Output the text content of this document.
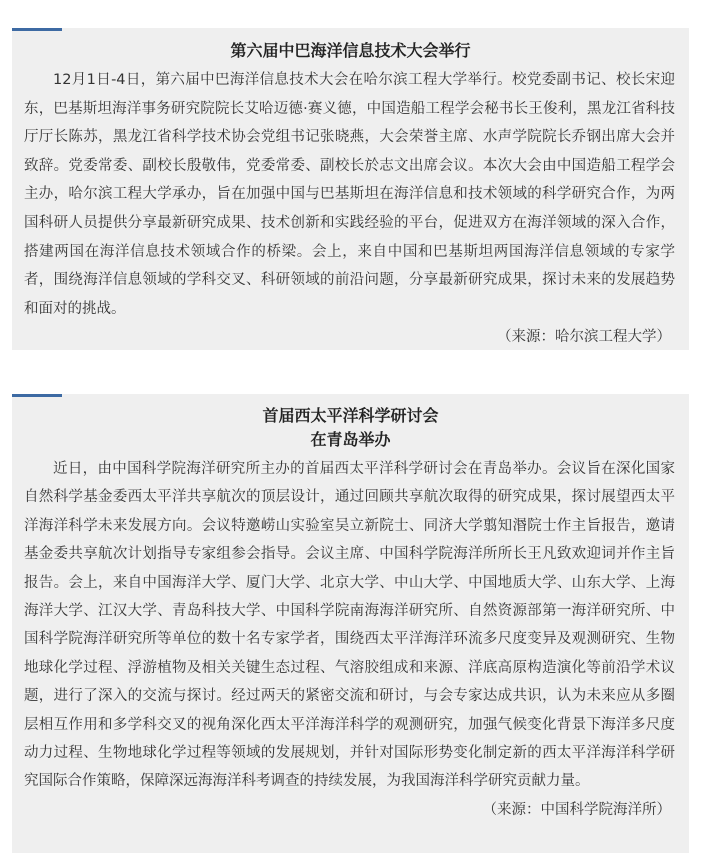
第六届中巴海洋信息技术大会举行

12月1日-4日，第六届中巴海洋信息技术大会在哈尔滨工程大学举行。校党委副书记、校长宋迎东，巴基斯坦海洋事务研究院院长艾哈迈德·赛义德，中国造船工程学会秘书长王俊利，黑龙江省科技厅厅长陈苏，黑龙江省科学技术协会党组书记张晓燕，大会荣誉主席、水声学院院长乔钢出席大会并致辞。党委常委、副校长殷敬伟，党委常委、副校长於志文出席会议。本次大会由中国造船工程学会主办，哈尔滨工程大学承办，旨在加强中国与巴基斯坦在海洋信息和技术领域的科学研究合作，为两国科研人员提供分享最新研究成果、技术创新和实践经验的平台，促进双方在海洋领域的深入合作，搭建两国在海洋信息技术领域合作的桥梁。会上，来自中国和巴基斯坦两国海洋信息领域的专家学者，围绕海洋信息领域的学科交叉、科研领域的前沿问题，分享最新研究成果，探讨未来的发展趋势和面对的挑战。

（来源：哈尔滨工程大学）

首届西太平洋科学研讨会
在青岛举办

近日，由中国科学院海洋研究所主办的首届西太平洋科学研讨会在青岛举办。会议旨在深化国家自然科学基金委西太平洋共享航次的顶层设计，通过回顾共享航次取得的研究成果，探讨展望西太平洋海洋科学未来发展方向。会议特邀崂山实验室吴立新院士、同济大学翦知湣院士作主旨报告，邀请基金委共享航次计划指导专家组参会指导。会议主席、中国科学院海洋所所长王凡致欢迎词并作主旨报告。会上，来自中国海洋大学、厦门大学、北京大学、中山大学、中国地质大学、山东大学、上海海洋大学、江汉大学、青岛科技大学、中国科学院南海海洋研究所、自然资源部第一海洋研究所、中国科学院海洋研究所等单位的数十名专家学者，围绕西太平洋海洋环流多尺度变异及观测研究、生物地球化学过程、浮游植物及相关关键生态过程、气溶胶组成和来源、洋底高原构造演化等前沿学术议题，进行了深入的交流与探讨。经过两天的紧密交流和研讨，与会专家达成共识，认为未来应从多圈层相互作用和多学科交叉的视角深化西太平洋海洋科学的观测研究，加强气候变化背景下海洋多尺度动力过程、生物地球化学过程等领域的发展规划，并针对国际形势变化制定新的西太平洋海洋科学研究国际合作策略，保障深远海海洋科考调查的持续发展，为我国海洋科学研究贡献力量。

（来源：中国科学院海洋所）
